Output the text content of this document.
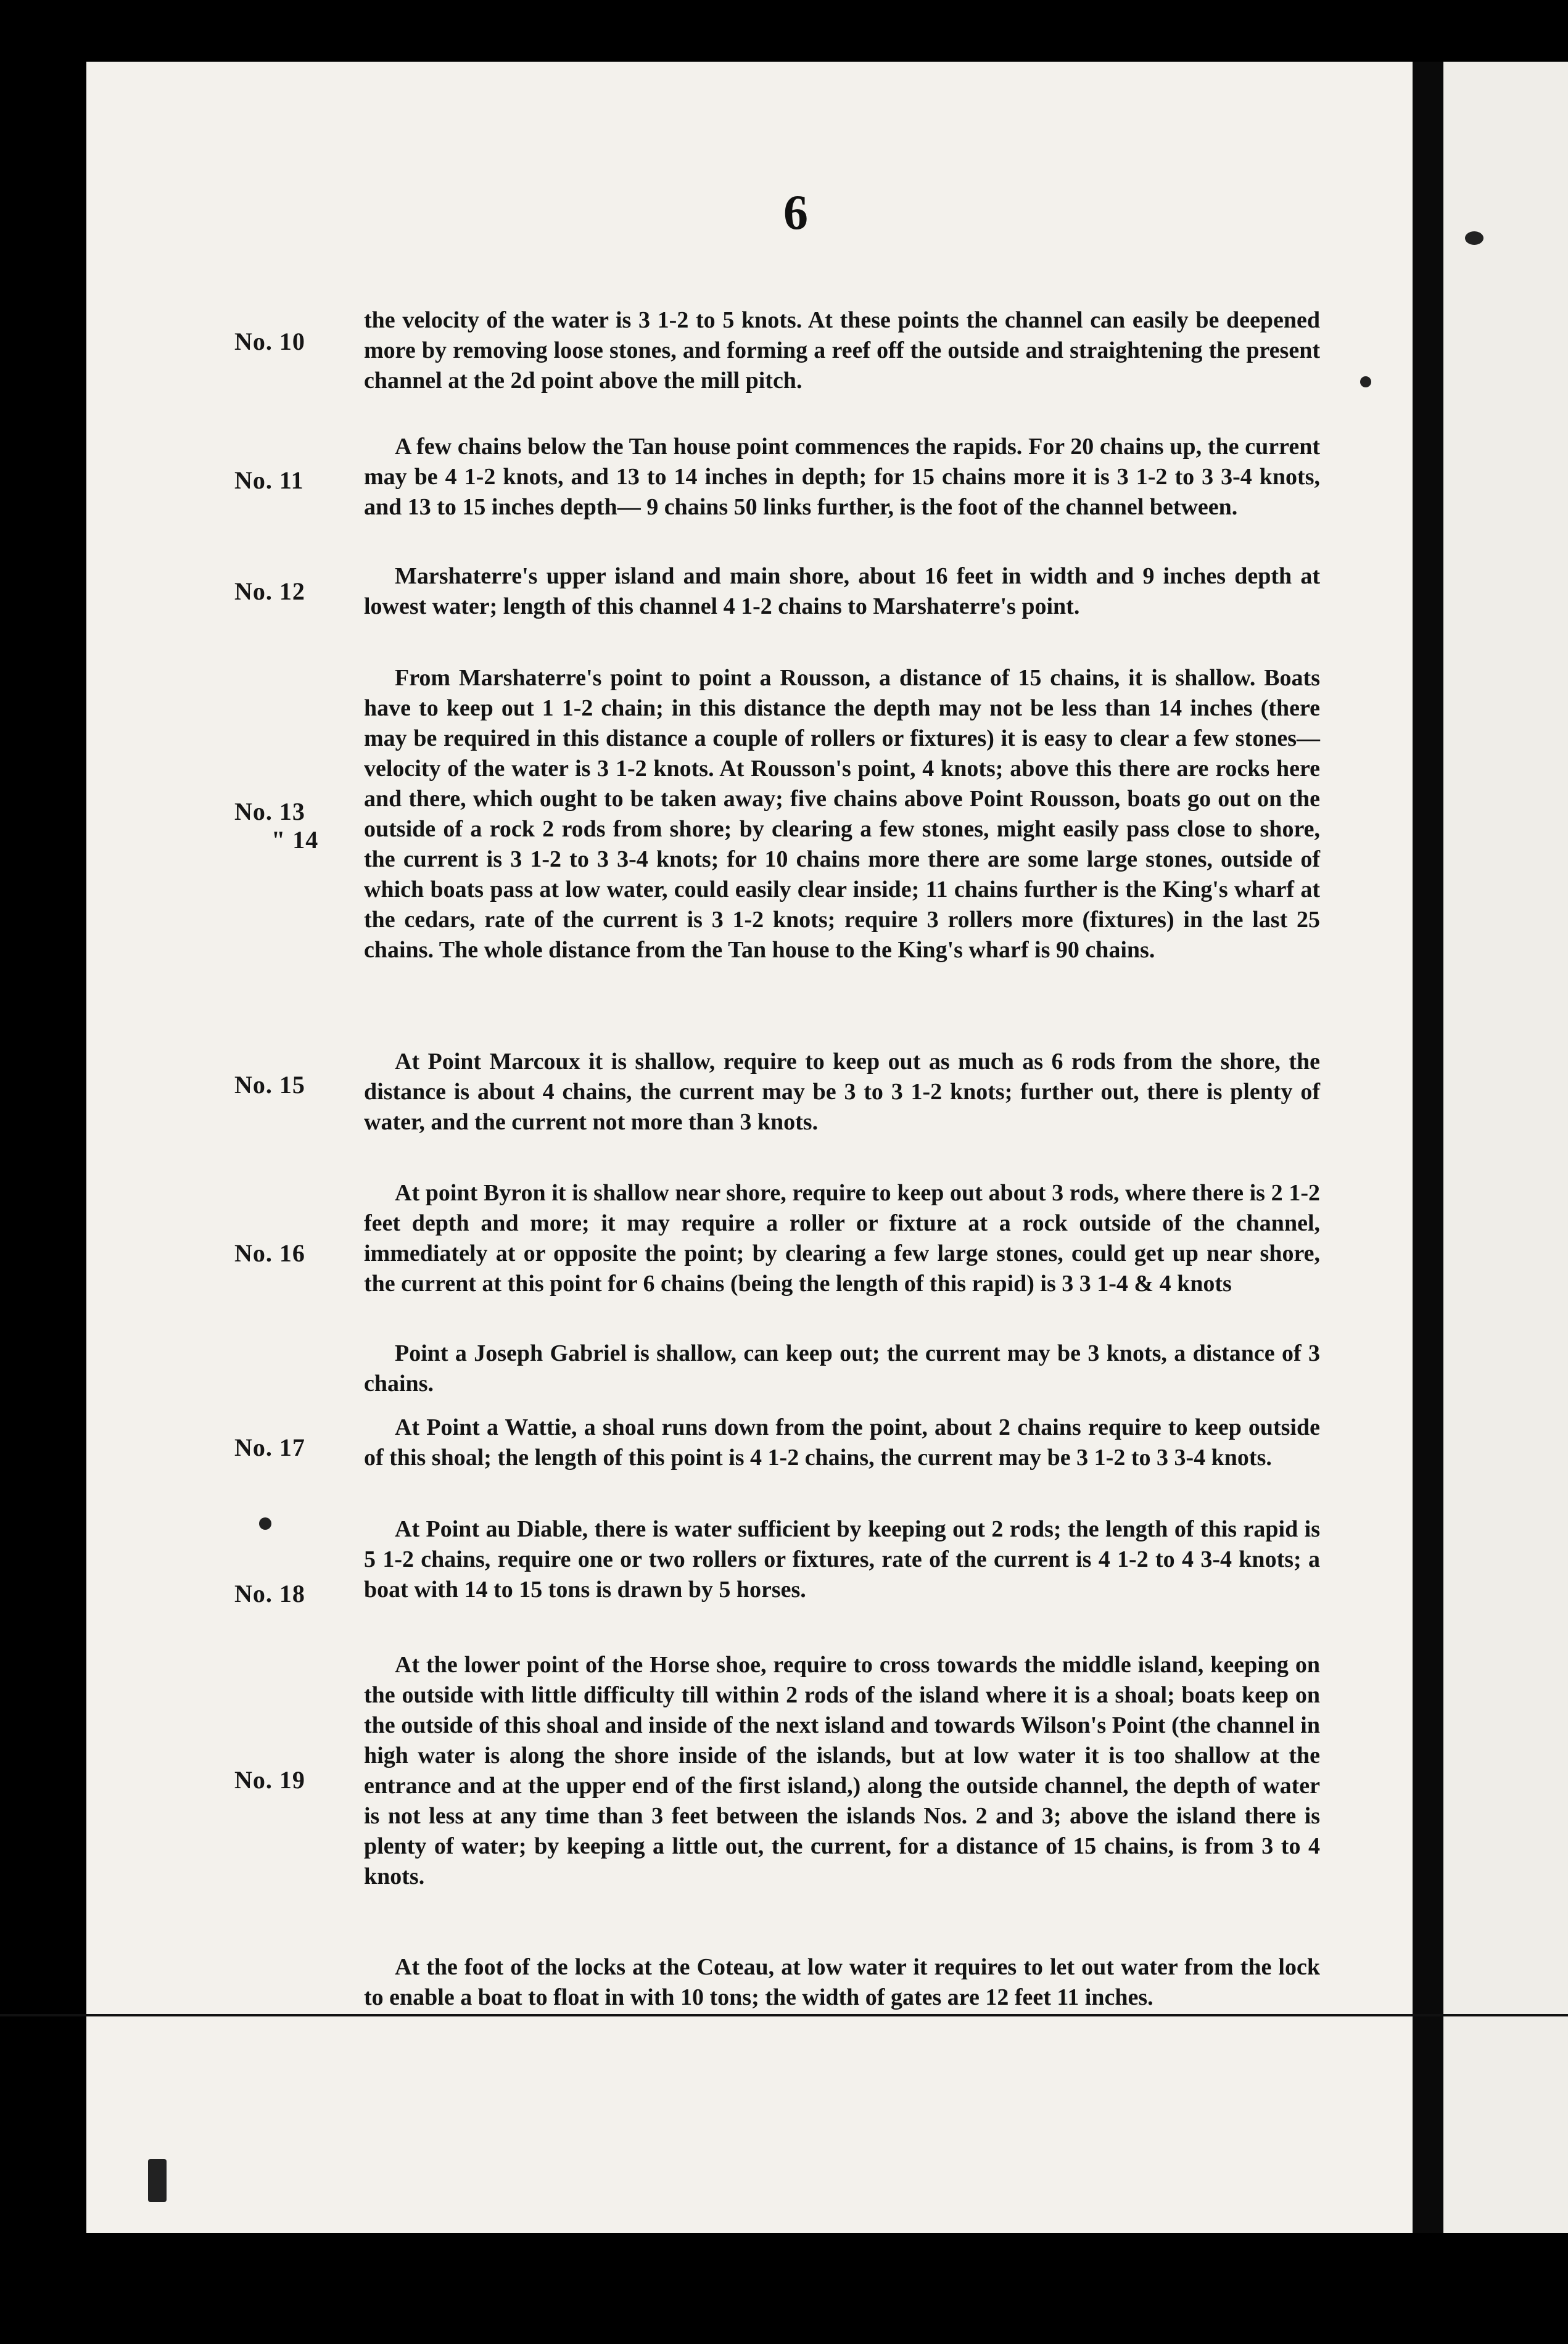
6
No. 10
No. 11
No. 12
No. 13
" 14
No. 15
No. 16
No. 17
No. 18
No. 19

the velocity of the water is 3 1-2 to 5 knots. At these points the channel can easily be deepened more by removing loose stones, and forming a reef off the outside and straightening the present channel at the 2d point above the mill pitch.

A few chains below the Tan house point commences the rapids. For 20 chains up, the current may be 4 1-2 knots, and 13 to 14 inches in depth; for 15 chains more it is 3 1-2 to 3 3-4 knots, and 13 to 15 inches depth— 9 chains 50 links further, is the foot of the channel between.

Marshaterre's upper island and main shore, about 16 feet in width and 9 inches depth at lowest water; length of this channel 4 1-2 chains to Marshaterre's point.

From Marshaterre's point to point a Rousson, a distance of 15 chains, it is shallow. Boats have to keep out 1 1-2 chain; in this distance the depth may not be less than 14 inches (there may be required in this distance a couple of rollers or fixtures) it is easy to clear a few stones—velocity of the water is 3 1-2 knots. At Rousson's point, 4 knots; above this there are rocks here and there, which ought to be taken away; five chains above Point Rousson, boats go out on the outside of a rock 2 rods from shore; by clearing a few stones, might easily pass close to shore, the current is 3 1-2 to 3 3-4 knots; for 10 chains more there are some large stones, outside of which boats pass at low water, could easily clear inside; 11 chains further is the King's wharf at the cedars, rate of the current is 3 1-2 knots; require 3 rollers more (fixtures) in the last 25 chains. The whole distance from the Tan house to the King's wharf is 90 chains.

At Point Marcoux it is shallow, require to keep out as much as 6 rods from the shore, the distance is about 4 chains, the current may be 3 to 3 1-2 knots; further out, there is plenty of water, and the current not more than 3 knots.

At point Byron it is shallow near shore, require to keep out about 3 rods, where there is 2 1-2 feet depth and more; it may require a roller or fixture at a rock outside of the channel, immediately at or opposite the point; by clearing a few large stones, could get up near shore, the current at this point for 6 chains (being the length of this rapid) is 3 3 1-4 & 4 knots

Point a Joseph Gabriel is shallow, can keep out; the current may be 3 knots, a distance of 3 chains.

At Point a Wattie, a shoal runs down from the point, about 2 chains require to keep outside of this shoal; the length of this point is 4 1-2 chains, the current may be 3 1-2 to 3 3-4 knots.

At Point au Diable, there is water sufficient by keeping out 2 rods; the length of this rapid is 5 1-2 chains, require one or two rollers or fixtures, rate of the current is 4 1-2 to 4 3-4 knots; a boat with 14 to 15 tons is drawn by 5 horses.

At the lower point of the Horse shoe, require to cross towards the middle island, keeping on the outside with little difficulty till within 2 rods of the island where it is a shoal; boats keep on the outside of this shoal and inside of the next island and towards Wilson's Point (the channel in high water is along the shore inside of the islands, but at low water it is too shallow at the entrance and at the upper end of the first island,) along the outside channel, the depth of water is not less at any time than 3 feet between the islands Nos. 2 and 3; above the island there is plenty of water; by keeping a little out, the current, for a distance of 15 chains, is from 3 to 4 knots.

At the foot of the locks at the Coteau, at low water it requires to let out water from the lock to enable a boat to float in with 10 tons; the width of gates are 12 feet 11 inches.
